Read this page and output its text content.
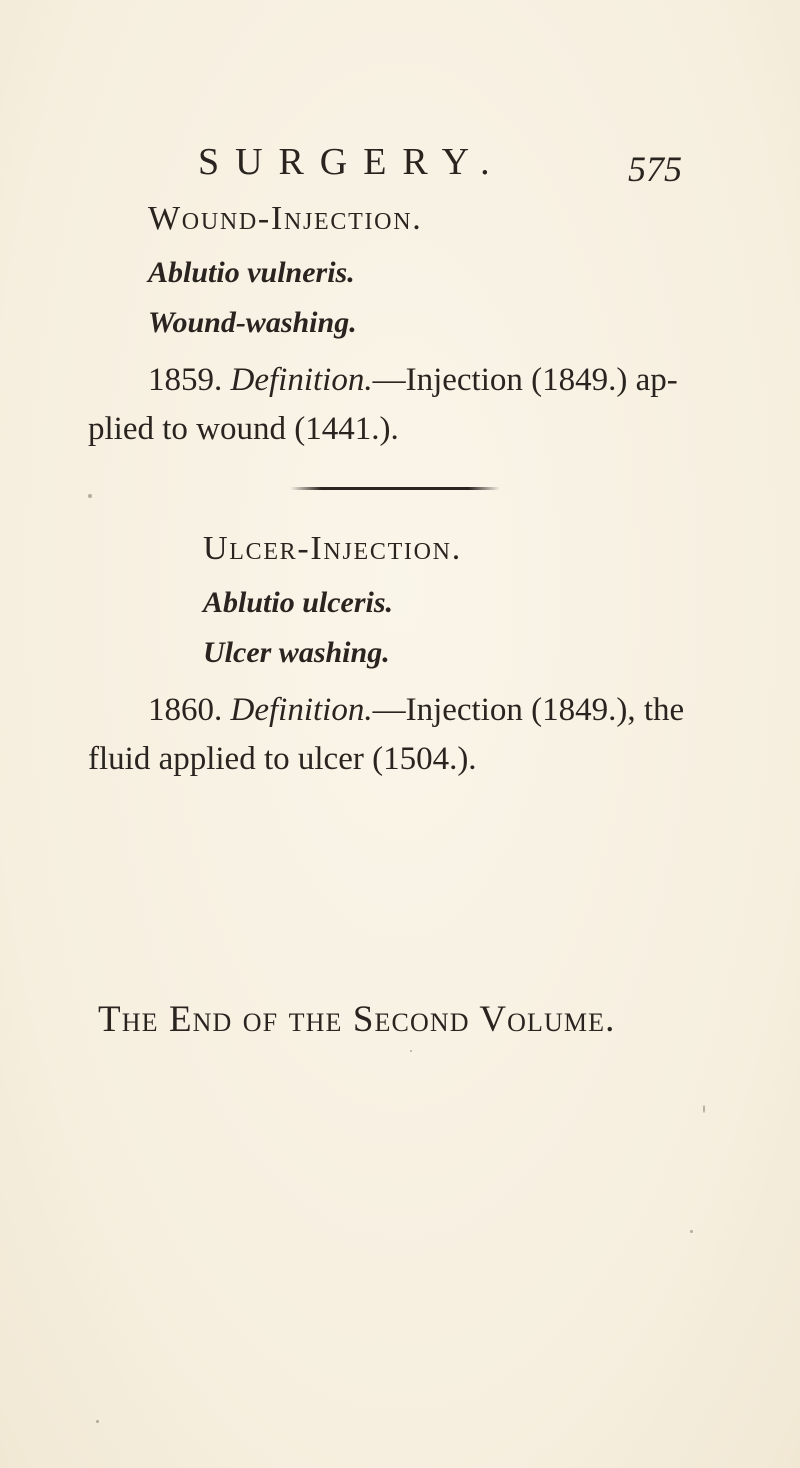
SURGERY.	575
Wound-Injection.
Ablutio vulneris.
Wound-washing.
1859. Definition.—Injection (1849.) ap-
plied to wound (1441.).
Ulcer-Injection.
Ablutio ulceris.
Ulcer washing.
1860. Definition.—Injection (1849.), the
fluid applied to ulcer (1504.).
The End of the Second Volume.
